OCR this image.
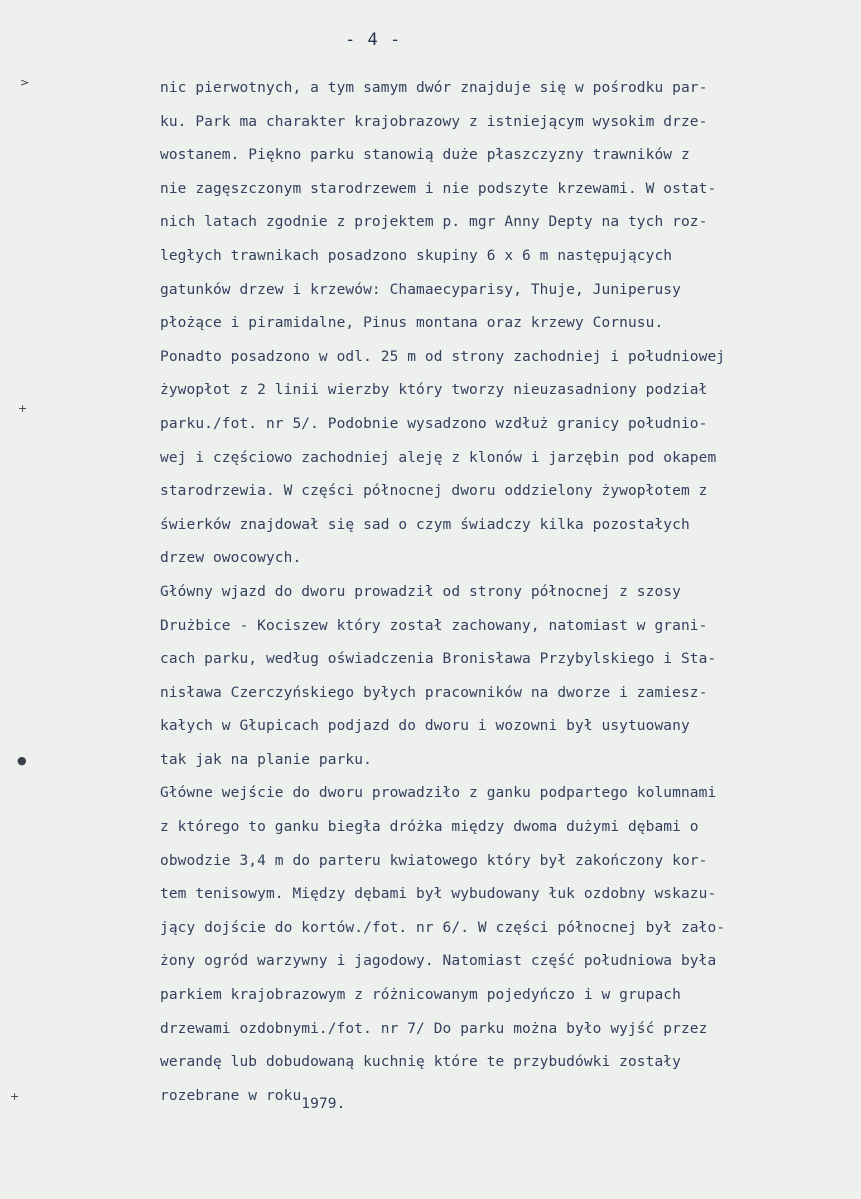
- 4 -
>
+
●
+
nic pierwotnych, a tym samym dwór znajduje się w pośrodku par-
ku. Park ma charakter krajobrazowy z istniejącym wysokim drze-
wostanem. Piękno parku stanowią duże płaszczyzny trawników z
nie zagęszczonym starodrzewem i nie podszyte krzewami. W ostat-
nich latach zgodnie z projektem p. mgr Anny Depty na tych roz-
ległych trawnikach posadzono skupiny 6 x 6 m następujących
gatunków drzew i krzewów: Chamaecyparisy, Thuje, Juniperusy
płożące i piramidalne, Pinus montana oraz krzewy Cornusu.
Ponadto posadzono w odl. 25 m od strony zachodniej i południowej
żywopłot z 2 linii wierzby który tworzy nieuzasadniony podział
parku./fot. nr 5/. Podobnie wysadzono wzdłuż granicy południo-
wej i częściowo zachodniej aleję z klonów i jarzębin pod okapem
starodrzewia. W części północnej dworu oddzielony żywopłotem z
świerków znajdował się sad o czym świadczy kilka pozostałych
drzew owocowych.
Główny wjazd do dworu prowadził od strony północnej z szosy
Drużbice - Kociszew który został zachowany, natomiast w grani-
cach parku, według oświadczenia Bronisława Przybylskiego i Sta-
nisława Czerczyńskiego byłych pracowników na dworze i zamiesz-
kałych w Głupicach podjazd do dworu i wozowni był usytuowany
tak jak na planie parku.
Główne wejście do dworu prowadziło z ganku podpartego kolumnami
z którego to ganku biegła dróżka między dwoma dużymi dębami o
obwodzie 3,4 m do parteru kwiatowego który był zakończony kor-
tem tenisowym. Między dębami był wybudowany łuk ozdobny wskazu-
jący dojście do kortów./fot. nr 6/. W części północnej był zało-
żony ogród warzywny i jagodowy. Natomiast część południowa była
parkiem krajobrazowym z różnicowanym pojedyńczo i w grupach
drzewami ozdobnymi./fot. nr 7/ Do parku można było wyjść przez
werandę lub dobudowaną kuchnię które te przybudówki zostały
rozebrane w roku1979.
